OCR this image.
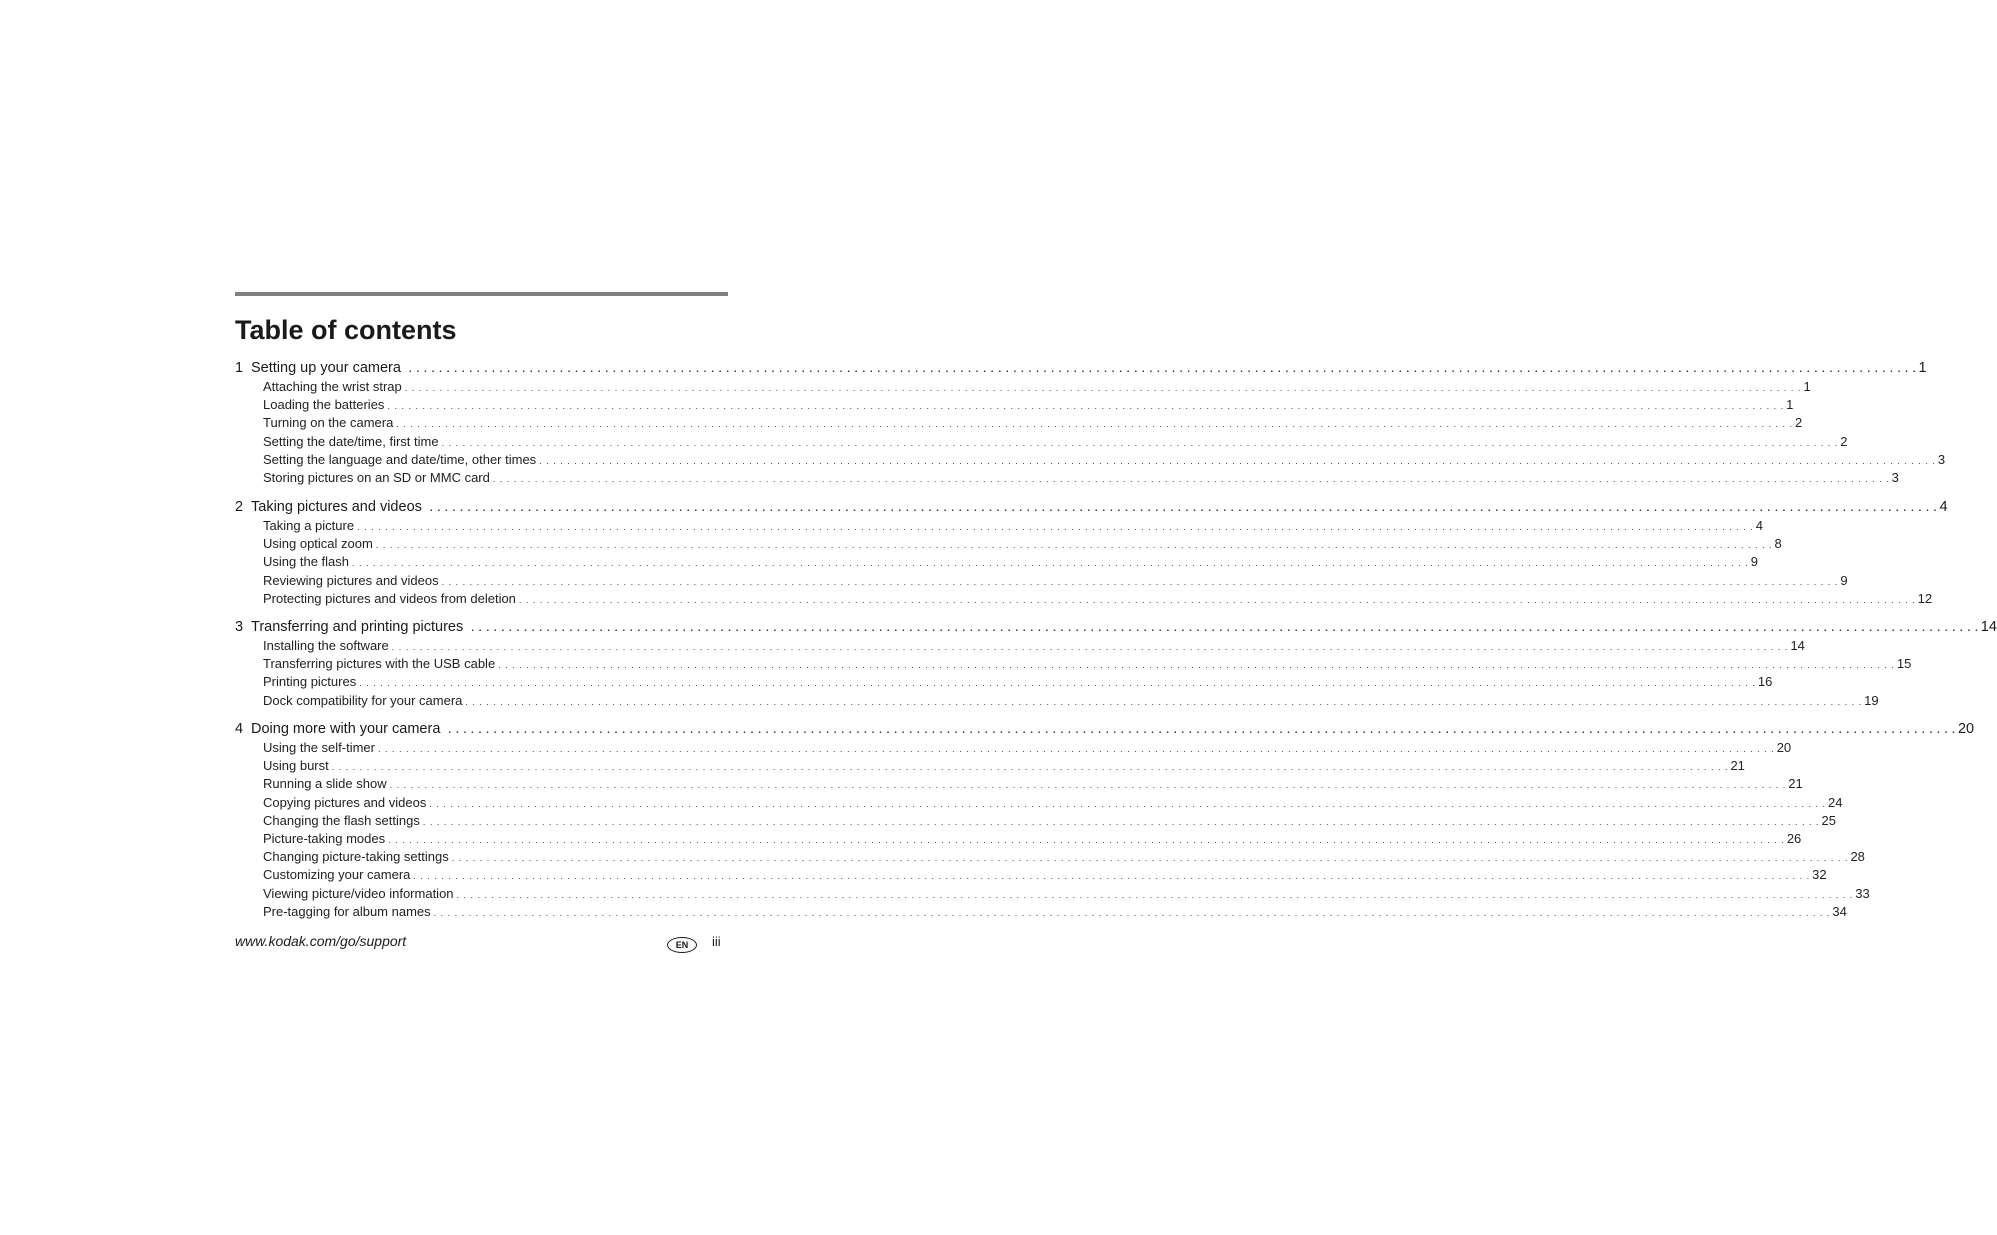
Table of contents
1 Setting up your camera . . . . . . . . . . . . . . . . . . . . . . . . . . . . . . . . . . . . . . . . . . . . . . . . . . . . . . . . . . . . . . . . . . . . . . . . . . . . . . . . . . . . . . . . . . . . . . . . . . . . . . . . . . . . . . . . . . . . . . . . . . . . . . . . . . . . . . . . . . . . . . . . . . . . . . . . . . . . . . . . . . . . . . . . . . . . . . . . . . . . . . . . . . . . . . . . . . . . . . . . 1
Attaching the wrist strap . . . . . . . . . . . . . . . . . . . . . . . . . . . . . . . . . . . . . . . . . . . . . . . . . . . . . . . . . . . . . . . . . . . . . . . . . . . . . . . . . . . . . . . . . . . . . . . . . . . . . . . . . . . . . . . . . . . . . . . . . . . . . . . . . . . . . . . . . . . . . . . . . . . . . . . . . . . . . . . . . . . . . . . . . . . . . . . . . . . . . . . . . . . . . . . . . . . . . . . . 1
Loading the batteries . . . . . . . . . . . . . . . . . . . . . . . . . . . . . . . . . . . . . . . . . . . . . . . . . . . . . . . . . . . . . . . . . . . . . . . . . . . . . . . . . . . . . . . . . . . . . . . . . . . . . . . . . . . . . . . . . . . . . . . . . . . . . . . . . . . . . . . . . . . . . . . . . . . . . . . . . . . . . . . . . . . . . . . . . . . . . . . . . . . . . . . . . . . . . . . . . . . . . . . . 1
Turning on the camera . . . . . . . . . . . . . . . . . . . . . . . . . . . . . . . . . . . . . . . . . . . . . . . . . . . . . . . . . . . . . . . . . . . . . . . . . . . . . . . . . . . . . . . . . . . . . . . . . . . . . . . . . . . . . . . . . . . . . . . . . . . . . . . . . . . . . . . . . . . . . . . . . . . . . . . . . . . . . . . . . . . . . . . . . . . . . . . . . . . . . . . . . . . . . . . . . . . . . . . . 2
Setting the date/time, first time . . . . . . . . . . . . . . . . . . . . . . . . . . . . . . . . . . . . . . . . . . . . . . . . . . . . . . . . . . . . . . . . . . . . . . . . . . . . . . . . . . . . . . . . . . . . . . . . . . . . . . . . . . . . . . . . . . . . . . . . . . . . . . . . . . . . . . . . . . . . . . . . . . . . . . . . . . . . . . . . . . . . . . . . . . . . . . . . . . . . . . . . . . . . . . . . . . . . . . . . 2
Setting the language and date/time, other times . . . . . . . . . . . . . . . . . . . . . . . . . . . . . . . . . . . . . . . . . . . . . . . . . . . . . . . . . . . . . . . . . . . . . . . . . . . . . . . . . . . . . . . . . . . . . . . . . . . . . . . . . . . . . . . . . . . . . . . . . . . . . . . . . . . . . . . . . . . . . . . . . . . . . . . . . . . . . . . . . . . . . . . . . . . . . . . . . . . . . . . . . . . . . . . . . . . . . . . . 3
Storing pictures on an SD or MMC card . . . . . . . . . . . . . . . . . . . . . . . . . . . . . . . . . . . . . . . . . . . . . . . . . . . . . . . . . . . . . . . . . . . . . . . . . . . . . . . . . . . . . . . . . . . . . . . . . . . . . . . . . . . . . . . . . . . . . . . . . . . . . . . . . . . . . . . . . . . . . . . . . . . . . . . . . . . . . . . . . . . . . . . . . . . . . . . . . . . . . . . . . . . . . . . . . . . . . . . . 3
2 Taking pictures and videos . . . . . . . . . . . . . . . . . . . . . . . . . . . . . . . . . . . . . . . . . . . . . . . . . . . . . . . . . . . . . . . . . . . . . . . . . . . . . . . . . . . . . . . . . . . . . . . . . . . . . . . . . . . . . . . . . . . . . . . . . . . . . . . . . . . . . . . . . . . . . . . . . . . . . . . . . . . . . . . . . . . . . . . . . . . . . . . . . . . . . . . . . . . . . . . . . . . . . . . . 4
Taking a picture . . . . . . . . . . . . . . . . . . . . . . . . . . . . . . . . . . . . . . . . . . . . . . . . . . . . . . . . . . . . . . . . . . . . . . . . . . . . . . . . . . . . . . . . . . . . . . . . . . . . . . . . . . . . . . . . . . . . . . . . . . . . . . . . . . . . . . . . . . . . . . . . . . . . . . . . . . . . . . . . . . . . . . . . . . . . . . . . . . . . . . . . . . . . . . . . . . . . . . . . 4
Using optical zoom . . . . . . . . . . . . . . . . . . . . . . . . . . . . . . . . . . . . . . . . . . . . . . . . . . . . . . . . . . . . . . . . . . . . . . . . . . . . . . . . . . . . . . . . . . . . . . . . . . . . . . . . . . . . . . . . . . . . . . . . . . . . . . . . . . . . . . . . . . . . . . . . . . . . . . . . . . . . . . . . . . . . . . . . . . . . . . . . . . . . . . . . . . . . . . . . . . . . . . . . 8
Using the flash . . . . . . . . . . . . . . . . . . . . . . . . . . . . . . . . . . . . . . . . . . . . . . . . . . . . . . . . . . . . . . . . . . . . . . . . . . . . . . . . . . . . . . . . . . . . . . . . . . . . . . . . . . . . . . . . . . . . . . . . . . . . . . . . . . . . . . . . . . . . . . . . . . . . . . . . . . . . . . . . . . . . . . . . . . . . . . . . . . . . . . . . . . . . . . . . . . . . . . . . 9
Reviewing pictures and videos . . . . . . . . . . . . . . . . . . . . . . . . . . . . . . . . . . . . . . . . . . . . . . . . . . . . . . . . . . . . . . . . . . . . . . . . . . . . . . . . . . . . . . . . . . . . . . . . . . . . . . . . . . . . . . . . . . . . . . . . . . . . . . . . . . . . . . . . . . . . . . . . . . . . . . . . . . . . . . . . . . . . . . . . . . . . . . . . . . . . . . . . . . . . . . . . . . . . . . . . 9
Protecting pictures and videos from deletion . . . . . . . . . . . . . . . . . . . . . . . . . . . . . . . . . . . . . . . . . . . . . . . . . . . . . . . . . . . . . . . . . . . . . . . . . . . . . . . . . . . . . . . . . . . . . . . . . . . . . . . . . . . . . . . . . . . . . . . . . . . . . . . . . . . . . . . . . . . . . . . . . . . . . . . . . . . . . . . . . . . . . . . . . . . . . . . . . . . . . . . . . . . . . . . . . . . . . . . . 12
3 Transferring and printing pictures . . . . . . . . . . . . . . . . . . . . . . . . . . . . . . . . . . . . . . . . . . . . . . . . . . . . . . . . . . . . . . . . . . . . . . . . . . . . . . . . . . . . . . . . . . . . . . . . . . . . . . . . . . . . . . . . . . . . . . . . . . . . . . . . . . . . . . . . . . . . . . . . . . . . . . . . . . . . . . . . . . . . . . . . . . . . . . . . . . . . . . . . . . . . . . . . . . . . . . . . 14
Installing the software . . . . . . . . . . . . . . . . . . . . . . . . . . . . . . . . . . . . . . . . . . . . . . . . . . . . . . . . . . . . . . . . . . . . . . . . . . . . . . . . . . . . . . . . . . . . . . . . . . . . . . . . . . . . . . . . . . . . . . . . . . . . . . . . . . . . . . . . . . . . . . . . . . . . . . . . . . . . . . . . . . . . . . . . . . . . . . . . . . . . . . . . . . . . . . . . . . . . . . . . 14
Transferring pictures with the USB cable . . . . . . . . . . . . . . . . . . . . . . . . . . . . . . . . . . . . . . . . . . . . . . . . . . . . . . . . . . . . . . . . . . . . . . . . . . . . . . . . . . . . . . . . . . . . . . . . . . . . . . . . . . . . . . . . . . . . . . . . . . . . . . . . . . . . . . . . . . . . . . . . . . . . . . . . . . . . . . . . . . . . . . . . . . . . . . . . . . . . . . . . . . . . . . . . . . . . . . . . 15
Printing pictures . . . . . . . . . . . . . . . . . . . . . . . . . . . . . . . . . . . . . . . . . . . . . . . . . . . . . . . . . . . . . . . . . . . . . . . . . . . . . . . . . . . . . . . . . . . . . . . . . . . . . . . . . . . . . . . . . . . . . . . . . . . . . . . . . . . . . . . . . . . . . . . . . . . . . . . . . . . . . . . . . . . . . . . . . . . . . . . . . . . . . . . . . . . . . . . . . . . . . . . . 16
Dock compatibility for your camera . . . . . . . . . . . . . . . . . . . . . . . . . . . . . . . . . . . . . . . . . . . . . . . . . . . . . . . . . . . . . . . . . . . . . . . . . . . . . . . . . . . . . . . . . . . . . . . . . . . . . . . . . . . . . . . . . . . . . . . . . . . . . . . . . . . . . . . . . . . . . . . . . . . . . . . . . . . . . . . . . . . . . . . . . . . . . . . . . . . . . . . . . . . . . . . . . . . . . . . . 19
4 Doing more with your camera . . . . . . . . . . . . . . . . . . . . . . . . . . . . . . . . . . . . . . . . . . . . . . . . . . . . . . . . . . . . . . . . . . . . . . . . . . . . . . . . . . . . . . . . . . . . . . . . . . . . . . . . . . . . . . . . . . . . . . . . . . . . . . . . . . . . . . . . . . . . . . . . . . . . . . . . . . . . . . . . . . . . . . . . . . . . . . . . . . . . . . . . . . . . . . . . . . . . . . . . 20
Using the self-timer . . . . . . . . . . . . . . . . . . . . . . . . . . . . . . . . . . . . . . . . . . . . . . . . . . . . . . . . . . . . . . . . . . . . . . . . . . . . . . . . . . . . . . . . . . . . . . . . . . . . . . . . . . . . . . . . . . . . . . . . . . . . . . . . . . . . . . . . . . . . . . . . . . . . . . . . . . . . . . . . . . . . . . . . . . . . . . . . . . . . . . . . . . . . . . . . . . . . . . . . 20
Using burst . . . . . . . . . . . . . . . . . . . . . . . . . . . . . . . . . . . . . . . . . . . . . . . . . . . . . . . . . . . . . . . . . . . . . . . . . . . . . . . . . . . . . . . . . . . . . . . . . . . . . . . . . . . . . . . . . . . . . . . . . . . . . . . . . . . . . . . . . . . . . . . . . . . . . . . . . . . . . . . . . . . . . . . . . . . . . . . . . . . . . . . . . . . . . . . . . . . . . . . . 21
Running a slide show . . . . . . . . . . . . . . . . . . . . . . . . . . . . . . . . . . . . . . . . . . . . . . . . . . . . . . . . . . . . . . . . . . . . . . . . . . . . . . . . . . . . . . . . . . . . . . . . . . . . . . . . . . . . . . . . . . . . . . . . . . . . . . . . . . . . . . . . . . . . . . . . . . . . . . . . . . . . . . . . . . . . . . . . . . . . . . . . . . . . . . . . . . . . . . . . . . . . . . . . 21
Copying pictures and videos . . . . . . . . . . . . . . . . . . . . . . . . . . . . . . . . . . . . . . . . . . . . . . . . . . . . . . . . . . . . . . . . . . . . . . . . . . . . . . . . . . . . . . . . . . . . . . . . . . . . . . . . . . . . . . . . . . . . . . . . . . . . . . . . . . . . . . . . . . . . . . . . . . . . . . . . . . . . . . . . . . . . . . . . . . . . . . . . . . . . . . . . . . . . . . . . . . . . . . . . 24
Changing the flash settings . . . . . . . . . . . . . . . . . . . . . . . . . . . . . . . . . . . . . . . . . . . . . . . . . . . . . . . . . . . . . . . . . . . . . . . . . . . . . . . . . . . . . . . . . . . . . . . . . . . . . . . . . . . . . . . . . . . . . . . . . . . . . . . . . . . . . . . . . . . . . . . . . . . . . . . . . . . . . . . . . . . . . . . . . . . . . . . . . . . . . . . . . . . . . . . . . . . . . . . . 25
Picture-taking modes . . . . . . . . . . . . . . . . . . . . . . . . . . . . . . . . . . . . . . . . . . . . . . . . . . . . . . . . . . . . . . . . . . . . . . . . . . . . . . . . . . . . . . . . . . . . . . . . . . . . . . . . . . . . . . . . . . . . . . . . . . . . . . . . . . . . . . . . . . . . . . . . . . . . . . . . . . . . . . . . . . . . . . . . . . . . . . . . . . . . . . . . . . . . . . . . . . . . . . . . 26
Changing picture-taking settings . . . . . . . . . . . . . . . . . . . . . . . . . . . . . . . . . . . . . . . . . . . . . . . . . . . . . . . . . . . . . . . . . . . . . . . . . . . . . . . . . . . . . . . . . . . . . . . . . . . . . . . . . . . . . . . . . . . . . . . . . . . . . . . . . . . . . . . . . . . . . . . . . . . . . . . . . . . . . . . . . . . . . . . . . . . . . . . . . . . . . . . . . . . . . . . . . . . . . . . . 28
Customizing your camera . . . . . . . . . . . . . . . . . . . . . . . . . . . . . . . . . . . . . . . . . . . . . . . . . . . . . . . . . . . . . . . . . . . . . . . . . . . . . . . . . . . . . . . . . . . . . . . . . . . . . . . . . . . . . . . . . . . . . . . . . . . . . . . . . . . . . . . . . . . . . . . . . . . . . . . . . . . . . . . . . . . . . . . . . . . . . . . . . . . . . . . . . . . . . . . . . . . . . . . . 32
Viewing picture/video information . . . . . . . . . . . . . . . . . . . . . . . . . . . . . . . . . . . . . . . . . . . . . . . . . . . . . . . . . . . . . . . . . . . . . . . . . . . . . . . . . . . . . . . . . . . . . . . . . . . . . . . . . . . . . . . . . . . . . . . . . . . . . . . . . . . . . . . . . . . . . . . . . . . . . . . . . . . . . . . . . . . . . . . . . . . . . . . . . . . . . . . . . . . . . . . . . . . . . . . . 33
Pre-tagging for album names . . . . . . . . . . . . . . . . . . . . . . . . . . . . . . . . . . . . . . . . . . . . . . . . . . . . . . . . . . . . . . . . . . . . . . . . . . . . . . . . . . . . . . . . . . . . . . . . . . . . . . . . . . . . . . . . . . . . . . . . . . . . . . . . . . . . . . . . . . . . . . . . . . . . . . . . . . . . . . . . . . . . . . . . . . . . . . . . . . . . . . . . . . . . . . . . . . . . . . . . 34
www.kodak.com/go/support	EN	iii
